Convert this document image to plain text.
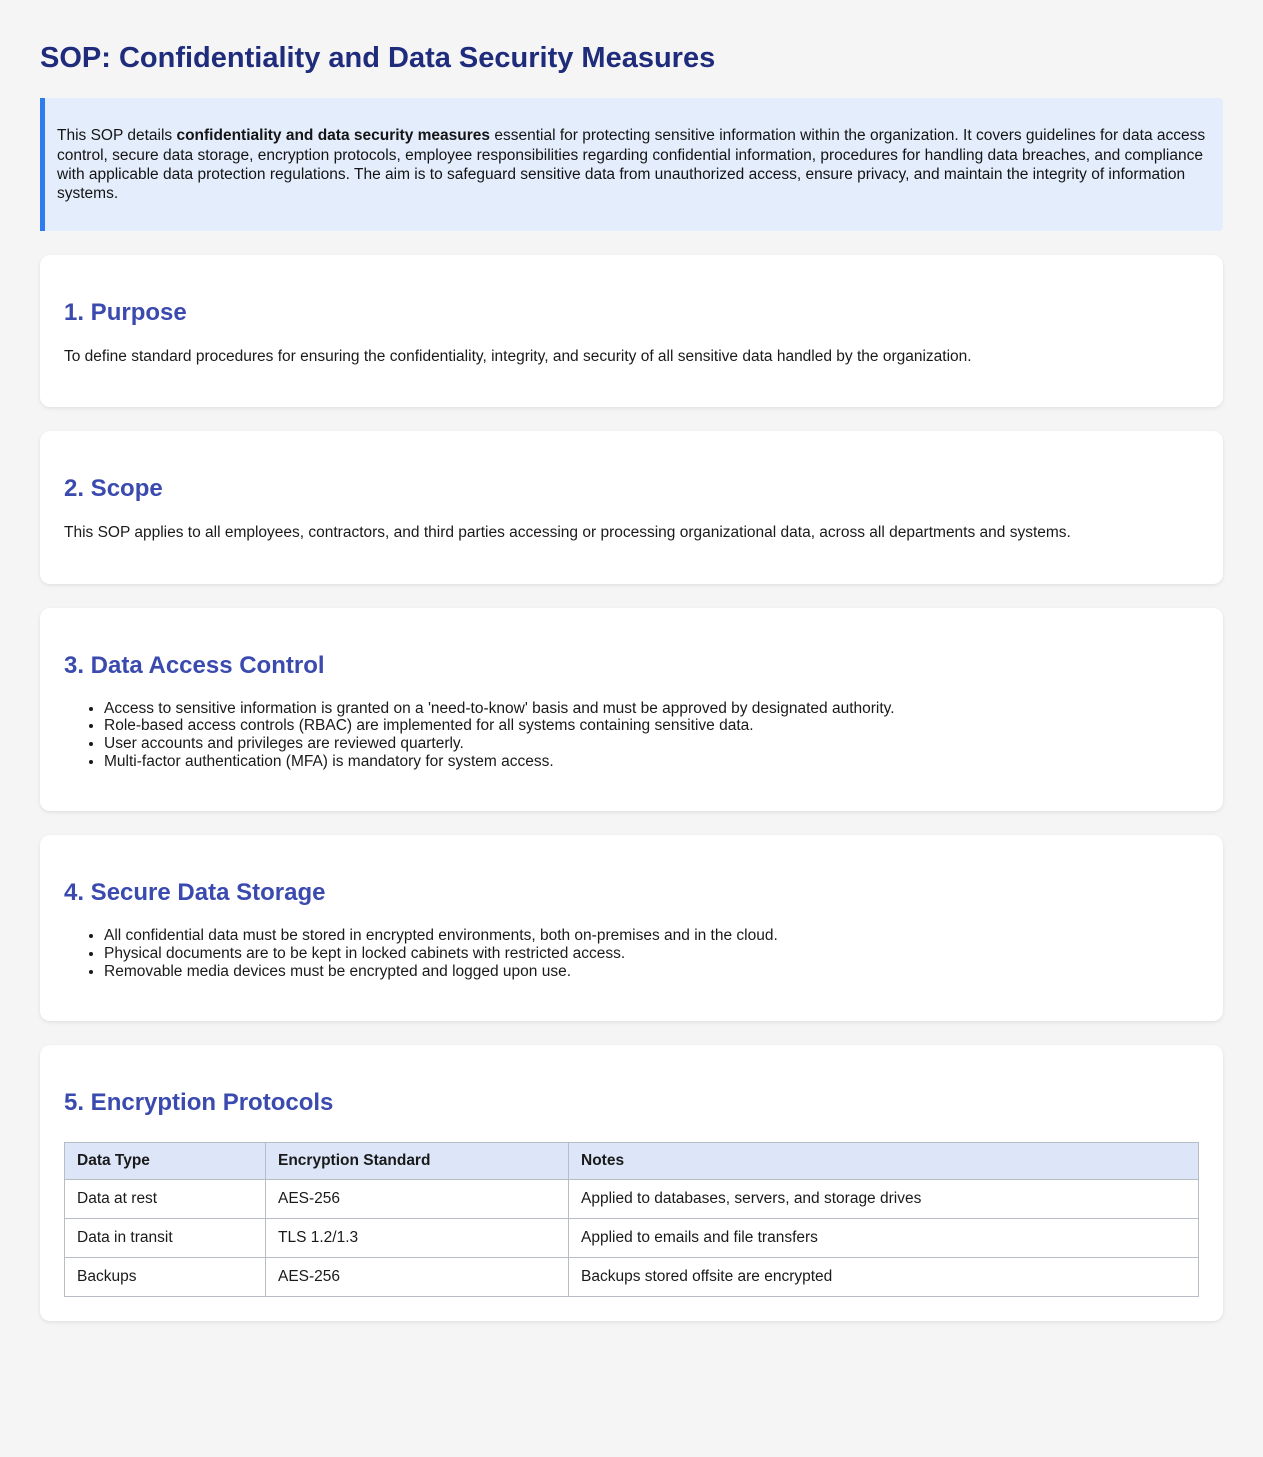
SOP: Confidentiality and Data Security Measures

This SOP details confidentiality and data security measures essential for protecting sensitive information within the organization. It covers guidelines for data access control, secure data storage, encryption protocols, employee responsibilities regarding confidential information, procedures for handling data breaches, and compliance with applicable data protection regulations. The aim is to safeguard sensitive data from unauthorized access, ensure privacy, and maintain the integrity of information systems.

1. Purpose

To define standard procedures for ensuring the confidentiality, integrity, and security of all sensitive data handled by the organization.

2. Scope

This SOP applies to all employees, contractors, and third parties accessing or processing organizational data, across all departments and systems.

3. Data Access Control
• Access to sensitive information is granted on a 'need-to-know' basis and must be approved by designated authority.
• Role-based access controls (RBAC) are implemented for all systems containing sensitive data.
• User accounts and privileges are reviewed quarterly.
• Multi-factor authentication (MFA) is mandatory for system access.
4. Secure Data Storage
• All confidential data must be stored in encrypted environments, both on-premises and in the cloud.
• Physical documents are to be kept in locked cabinets with restricted access.
• Removable media devices must be encrypted and logged upon use.
5. Encryption Protocols
Data Type	Encryption Standard	Notes
Data at rest	AES-256	Applied to databases, servers, and storage drives
Data in transit	TLS 1.2/1.3	Applied to emails and file transfers
Backups	AES-256	Backups stored offsite are encrypted
